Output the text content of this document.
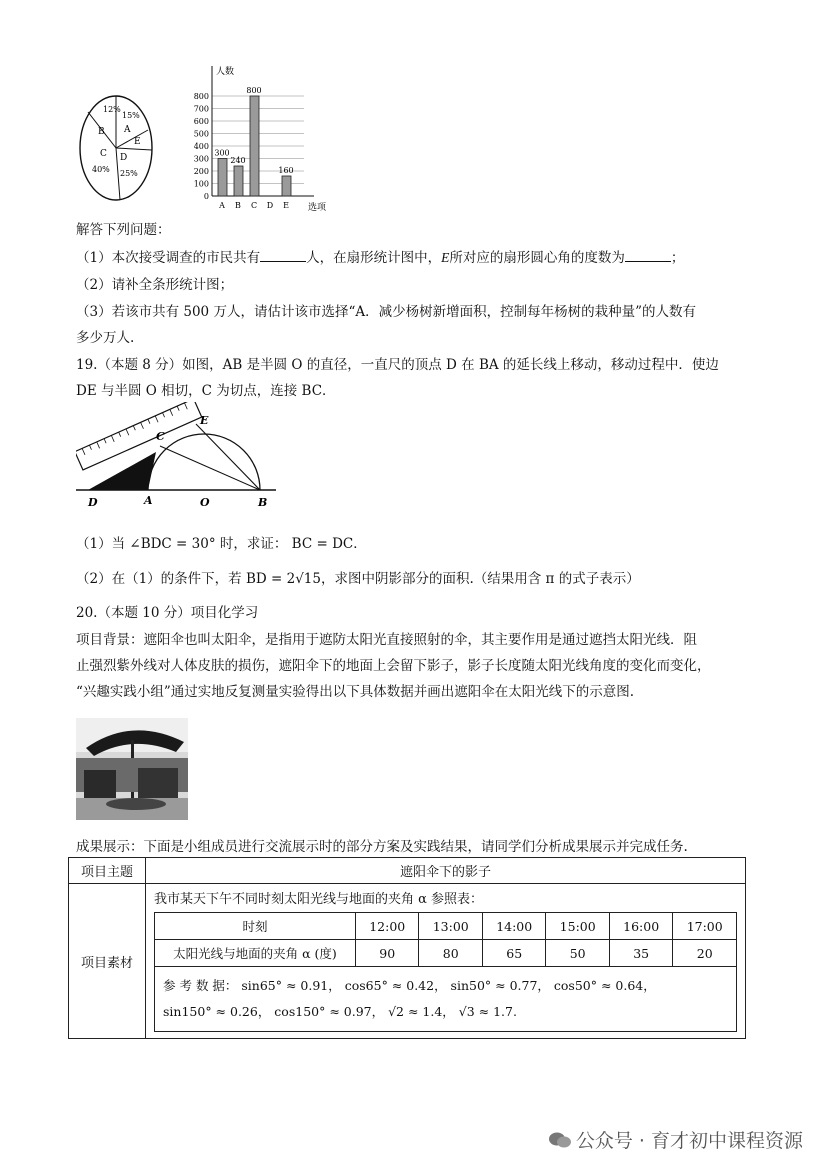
B
12%
15%
A
E
C
40%
D
25%
0
100
200
300
400
500
600
700
800
人数
选项
300
A
240
B
800
C D
160
E
解答下列问题：
（1）本次接受调查的市民共有	人，在扇形统计图中，E所对应的扇形圆心角的度数为	；
（2）请补全条形统计图；
（3）若该市共有 500 万人，请估计该市选择“A．减少杨树新增面积，控制每年杨树的栽种量”的人数有
多少万人.
19.（本题 8 分）如图，AB 是半圆 O 的直径，一直尺的顶点 D 在 BA 的延长线上移动，移动过程中．使边
DE 与半圆 O 相切，C 为切点，连接 BC．
E
C
D	A	O	B
（1）当 ∠BDC = 30° 时，求证： BC = DC．
（2）在（1）的条件下，若 BD = 2√15，求图中阴影部分的面积.（结果用含 π 的式子表示）
20.（本题 10 分）项目化学习
项目背景：遮阳伞也叫太阳伞，是指用于遮防太阳光直接照射的伞，其主要作用是通过遮挡太阳光线．阻
止强烈紫外线对人体皮肤的损伤，遮阳伞下的地面上会留下影子，影子长度随太阳光线角度的变化而变化，
“兴趣实践小组”通过实地反复测量实验得出以下具体数据并画出遮阳伞在太阳光线下的示意图.
成果展示：下面是小组成员进行交流展示时的部分方案及实践结果，请同学们分析成果展示并完成任务.
项目主题	遮阳伞下的影子
项目素材	
我市某天下午不同时刻太阳光线与地面的夹角 α 参照表：
时刻	12:00	13:00	14:00	15:00	16:00	17:00
太阳光线与地面的夹角 α (度)	90	80	65	50	35	20

参 考 数 据： sin65° ≈ 0.91， cos65° ≈ 0.42， sin50° ≈ 0.77， cos50° ≈ 0.64，
sin150° ≈ 0.26， cos150° ≈ 0.97， √2 ≈ 1.4， √3 ≈ 1.7.
公众号 · 育才初中课程资源
